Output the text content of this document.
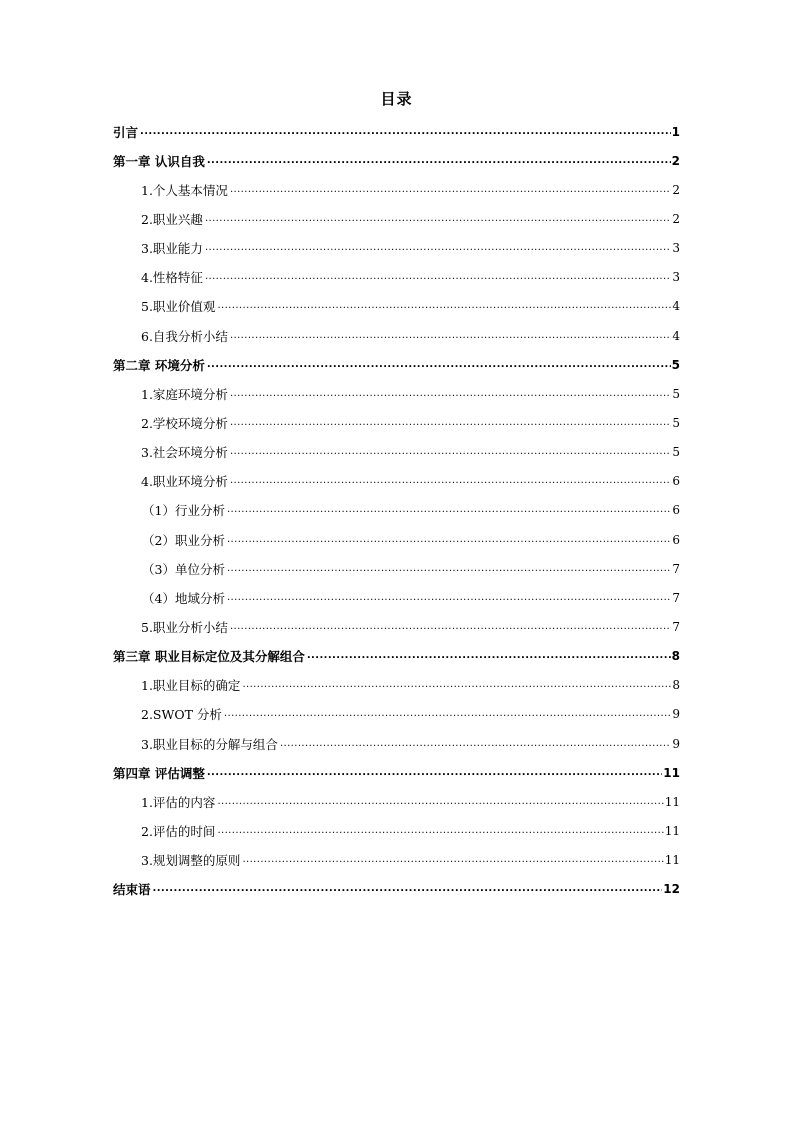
目录
引言 .....	1
第一章 认识自我 .....	2
1.个人基本情况 .....	2
2.职业兴趣 .....	2
3.职业能力 .....	3
4.性格特征 .....	3
5.职业价值观 .....	4
6.自我分析小结 .....	4
第二章 环境分析 .....	5
1.家庭环境分析 .....	5
2.学校环境分析 .....	5
3.社会环境分析 .....	5
4.职业环境分析 .....	6
（1）行业分析 .....	6
（2）职业分析 .....	6
（3）单位分析 .....	7
（4）地域分析 .....	7
5.职业分析小结 .....	7
第三章 职业目标定位及其分解组合 .....	8
1.职业目标的确定 .....	8
2.SWOT 分析 .....	9
3.职业目标的分解与组合 .....	9
第四章 评估调整 .....	11
1.评估的内容 .....	11
2.评估的时间 .....	11
3.规划调整的原则 .....	11
结束语 .....	12
